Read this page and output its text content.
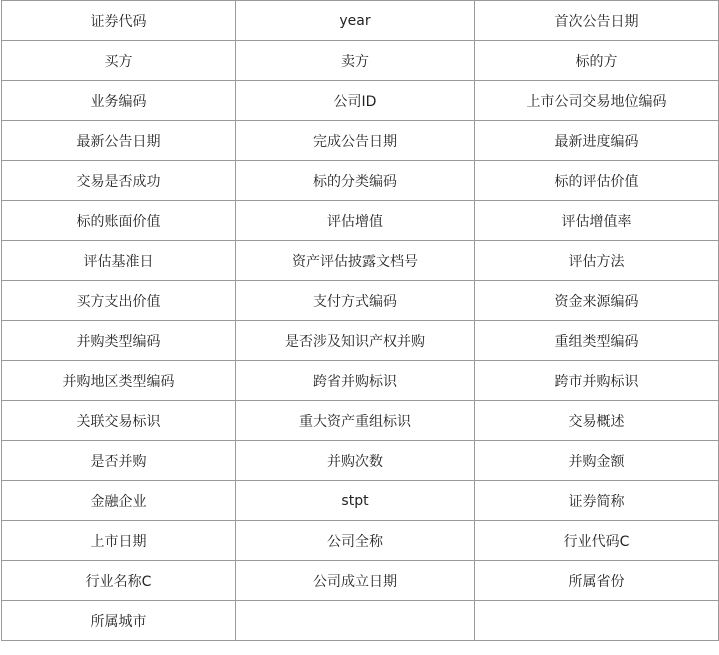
证券代码	year	首次公告日期
买方	卖方	标的方
业务编码	公司ID	上市公司交易地位编码
最新公告日期	完成公告日期	最新进度编码
交易是否成功	标的分类编码	标的评估价值
标的账面价值	评估增值	评估增值率
评估基准日	资产评估披露文档号	评估方法
买方支出价值	支付方式编码	资金来源编码
并购类型编码	是否涉及知识产权并购	重组类型编码
并购地区类型编码	跨省并购标识	跨市并购标识
关联交易标识	重大资产重组标识	交易概述
是否并购	并购次数	并购金额
金融企业	stpt	证券简称
上市日期	公司全称	行业代码C
行业名称C	公司成立日期	所属省份
所属城市		
